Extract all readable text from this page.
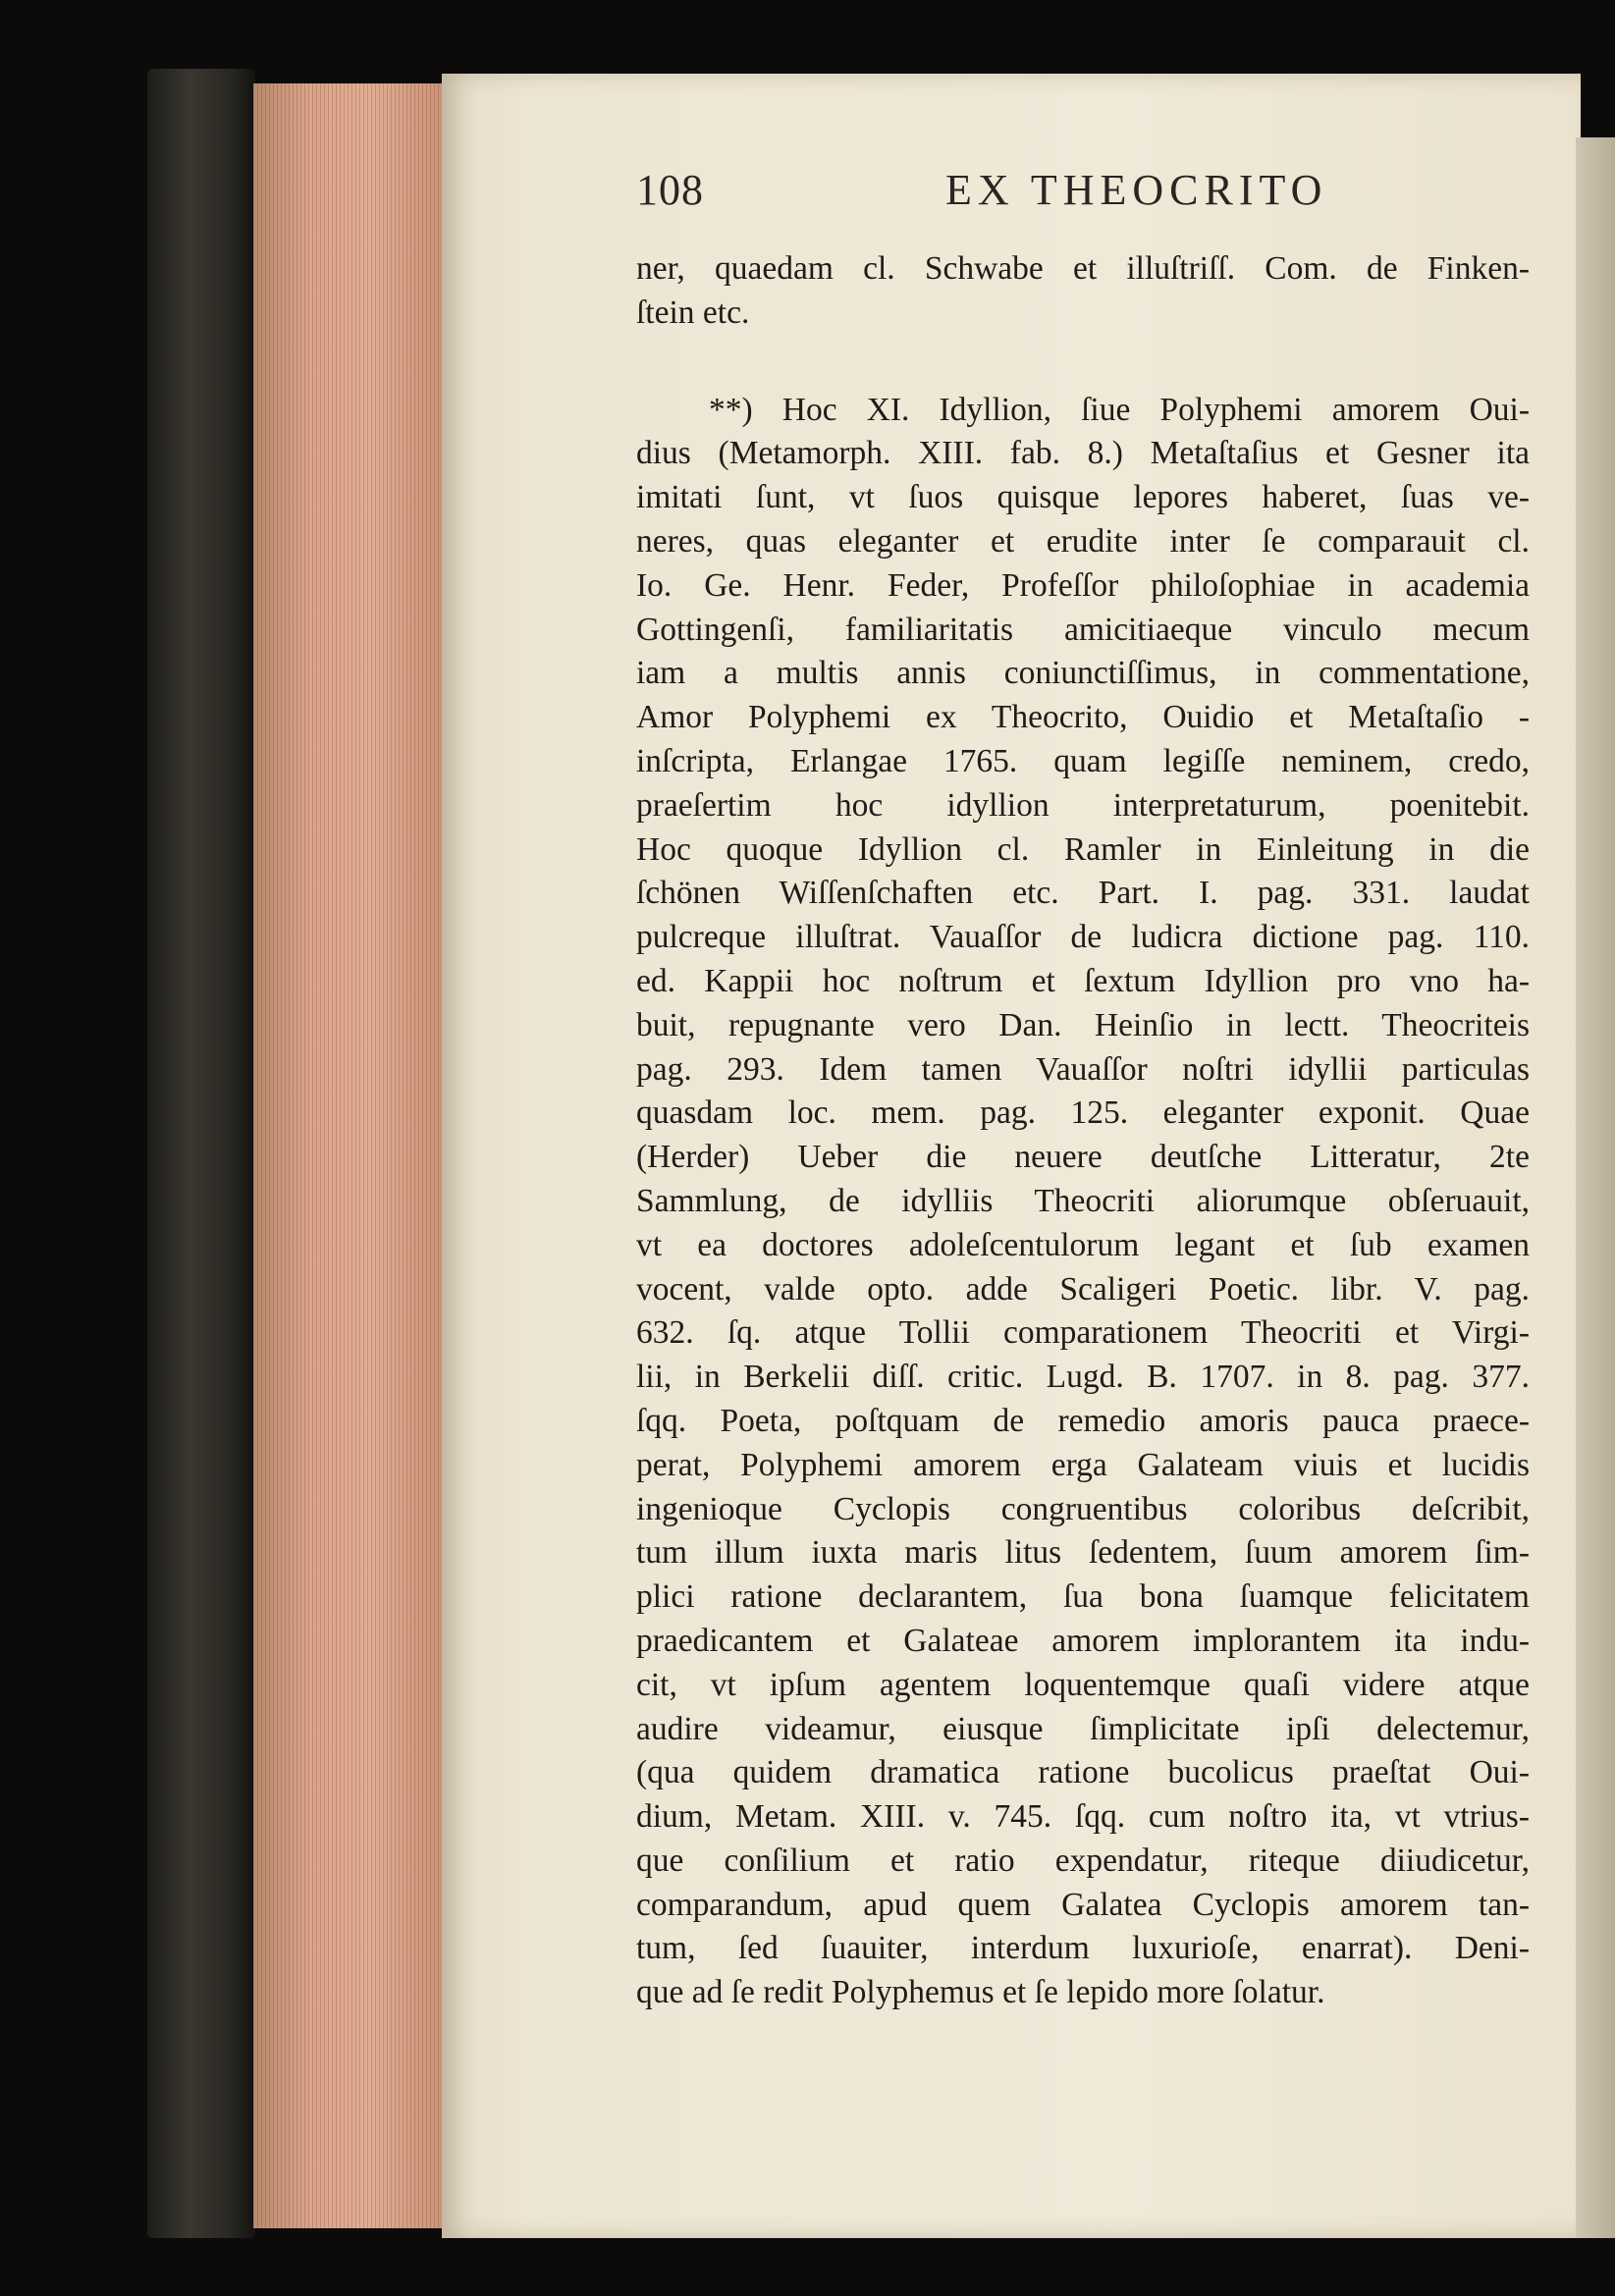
108	EX THEOCRITO
ner, quaedam cl. Schwabe et illuſtriſſ. Com. de Finken-
ſtein etc.
**) Hoc XI. Idyllion, ſiue Polyphemi amorem Oui-
dius (Metamorph. XIII. fab. 8.) Metaſtaſius et Gesner ita
imitati ſunt, vt ſuos quisque lepores haberet, ſuas ve-
neres, quas eleganter et erudite inter ſe comparauit cl.
Io. Ge. Henr. Feder, Profeſſor philoſophiae in academia
Gottingenſi, familiaritatis amicitiaeque vinculo mecum
iam a multis annis coniunctiſſimus, in commentatione,
Amor Polyphemi ex Theocrito, Ouidio et Metaſtaſio -
inſcripta, Erlangae 1765. quam legiſſe neminem, credo,
praeſertim hoc idyllion interpretaturum, poenitebit.
Hoc quoque Idyllion cl. Ramler in Einleitung in die
ſchönen Wiſſenſchaften etc. Part. I. pag. 331. laudat
pulcreque illuſtrat. Vauaſſor de ludicra dictione pag. 110.
ed. Kappii hoc noſtrum et ſextum Idyllion pro vno ha-
buit, repugnante vero Dan. Heinſio in lectt. Theocriteis
pag. 293. Idem tamen Vauaſſor noſtri idyllii particulas
quasdam loc. mem. pag. 125. eleganter exponit. Quae
(Herder) Ueber die neuere deutſche Litteratur, 2te
Sammlung, de idylliis Theocriti aliorumque obſeruauit,
vt ea doctores adoleſcentulorum legant et ſub examen
vocent, valde opto. adde Scaligeri Poetic. libr. V. pag.
632. ſq. atque Tollii comparationem Theocriti et Virgi-
lii, in Berkelii diſſ. critic. Lugd. B. 1707. in 8. pag. 377.
ſqq. Poeta, poſtquam de remedio amoris pauca praece-
perat, Polyphemi amorem erga Galateam viuis et lucidis
ingenioque Cyclopis congruentibus coloribus deſcribit,
tum illum iuxta maris litus ſedentem, ſuum amorem ſim-
plici ratione declarantem, ſua bona ſuamque felicitatem
praedicantem et Galateae amorem implorantem ita indu-
cit, vt ipſum agentem loquentemque quaſi videre atque
audire videamur, eiusque ſimplicitate ipſi delectemur,
(qua quidem dramatica ratione bucolicus praeſtat Oui-
dium, Metam. XIII. v. 745. ſqq. cum noſtro ita, vt vtrius-
que conſilium et ratio expendatur, riteque diiudicetur,
comparandum, apud quem Galatea Cyclopis amorem tan-
tum, ſed ſuauiter, interdum luxurioſe, enarrat). Deni-
que ad ſe redit Polyphemus et ſe lepido more ſolatur.
